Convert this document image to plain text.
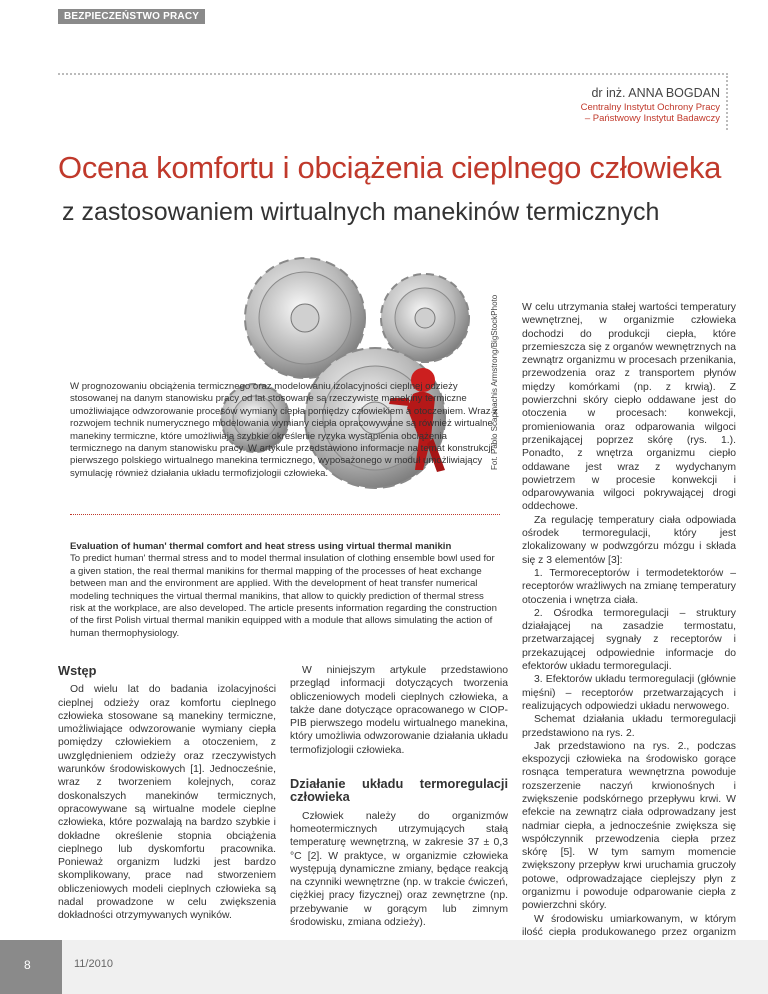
BEZPIECZEŃSTWO PRACY
dr inż. ANNA BOGDAN
Centralny Instytut Ochrony Pracy
– Państwowy Instytut Badawczy
Ocena komfortu i obciążenia cieplnego człowieka
z zastosowaniem wirtualnych manekinów termicznych
Fot. Pablo Scapinachis Armstrong/BigStockPhoto
W prognozowaniu obciążenia termicznego oraz modelowaniu izolacyjności cieplnej odzieży stosowanej na danym stanowisku pracy od lat stosowane są rzeczywiste manekiny termiczne umożliwiające odwzorowanie procesów wymiany ciepła pomiędzy człowiekiem a otoczeniem. Wraz z rozwojem technik numerycznego modelowania wymiany ciepła opracowywane są również wirtualne manekiny termiczne, które umożliwiają szybkie określenie ryzyka wystąpienia obciążenia termicznego na danym stanowisku pracy. W artykule przedstawiono informacje na temat konstrukcji pierwszego polskiego wirtualnego manekina termicznego, wyposażonego w moduł umożliwiający symulację również działania układu termofizjologii człowieka.
Evaluation of human' thermal comfort and heat stress using virtual thermal manikin
To predict human' thermal stress and to model thermal insulation of clothing ensemble bowl used for a given station, the real thermal manikins for thermal mapping of the processes of heat exchange between man and the environment are applied. With the development of heat transfer numerical modeling techniques the virtual thermal manikins, that allow to quickly prediction of thermal stress risk at the workplace, are also developed. The article presents information regarding the construction of the first Polish virtual thermal manikin equipped with a module that allows simulating the action of human thermophysiology.
Wstęp

Od wielu lat do badania izolacyjności cieplnej odzieży oraz komfortu cieplnego człowieka stosowane są manekiny termiczne, umożliwiające odwzorowanie wymiany ciepła pomiędzy człowiekiem a otoczeniem, z uwzględnieniem odzieży oraz rzeczywistych warunków środowiskowych [1]. Jednocześnie, wraz z tworzeniem kolejnych, coraz doskonalszych manekinów termicznych, opracowywane są wirtualne modele cieplne człowieka, które pozwalają na bardzo szybkie i dokładne określenie stopnia obciążenia cieplnego lub dyskomfortu pracownika. Ponieważ organizm ludzki jest bardzo skomplikowany, prace nad stworzeniem obliczeniowych modeli cieplnych człowieka są nadal prowadzone w celu zwiększenia dokładności otrzymywanych wyników.

W niniejszym artykule przedstawiono przegląd informacji dotyczących tworzenia obliczeniowych modeli cieplnych człowieka, a także dane dotyczące opracowanego w CIOP-PIB pierwszego modelu wirtualnego manekina, który umożliwia odwzorowanie działania układu termofizjologii człowieka.

Działanie układu termoregulacji człowieka

Człowiek należy do organizmów homeotermicznych utrzymujących stałą temperaturę wewnętrzną, w zakresie 37 ± 0,3 °C [2]. W praktyce, w organizmie człowieka występują dynamiczne zmiany, będące reakcją na czynniki wewnętrzne (np. w trakcie ćwiczeń, ciężkiej pracy fizycznej) oraz zewnętrzne (np. przebywanie w gorącym lub zimnym środowisku, zmiana odzieży).

W celu utrzymania stałej wartości temperatury wewnętrznej, w organizmie człowieka dochodzi do produkcji ciepła, które przemieszcza się z organów wewnętrznych na zewnątrz organizmu w procesach przenikania, przewodzenia oraz z transportem płynów między komórkami (np. z krwią). Z powierzchni skóry ciepło oddawane jest do otoczenia w procesach: konwekcji, promieniowania oraz odparowania wilgoci przenikającej poprzez skórę (rys. 1.). Ponadto, z wnętrza organizmu ciepło oddawane jest wraz z wydychanym powietrzem w procesie konwekcji i odparowywania wilgoci pokrywającej drogi oddechowe.

Za regulację temperatury ciała odpowiada ośrodek termoregulacji, który jest zlokalizowany w podwzgórzu mózgu i składa się z 3 elementów [3]:

1. Termoreceptorów i termodetektorów – receptorów wrażliwych na zmianę temperatury otoczenia i wnętrza ciała.

2. Ośrodka termoregulacji – struktury działającej na zasadzie termostatu, przetwarzającej sygnały z receptorów i przekazującej odpowiednie informacje do efektorów układu termoregulacji.

3. Efektorów układu termoregulacji (głównie mięśni) – receptorów przetwarzających i realizujących odpowiedzi układu nerwowego.

Schemat działania układu termoregulacji przedstawiono na rys. 2.

Jak przedstawiono na rys. 2., podczas ekspozycji człowieka na środowisko gorące rosnąca temperatura wewnętrzna powoduje rozszerzenie naczyń krwionośnych i zwiększenie podskórnego przepływu krwi. W efekcie na zewnątrz ciała odprowadzany jest nadmiar ciepła, a jednocześnie zwiększa się współczynnik przewodzenia ciepła przez skórę [5]. W tym samym momencie zwiększony przepływ krwi uruchamia gruczoły potowe, odprowadzające cieplejszy płyn z organizmu i powoduje odparowanie ciepła z powierzchni skóry.

W środowisku umiarkowanym, w którym ilość ciepła produkowanego przez organizm

8	11/2010
